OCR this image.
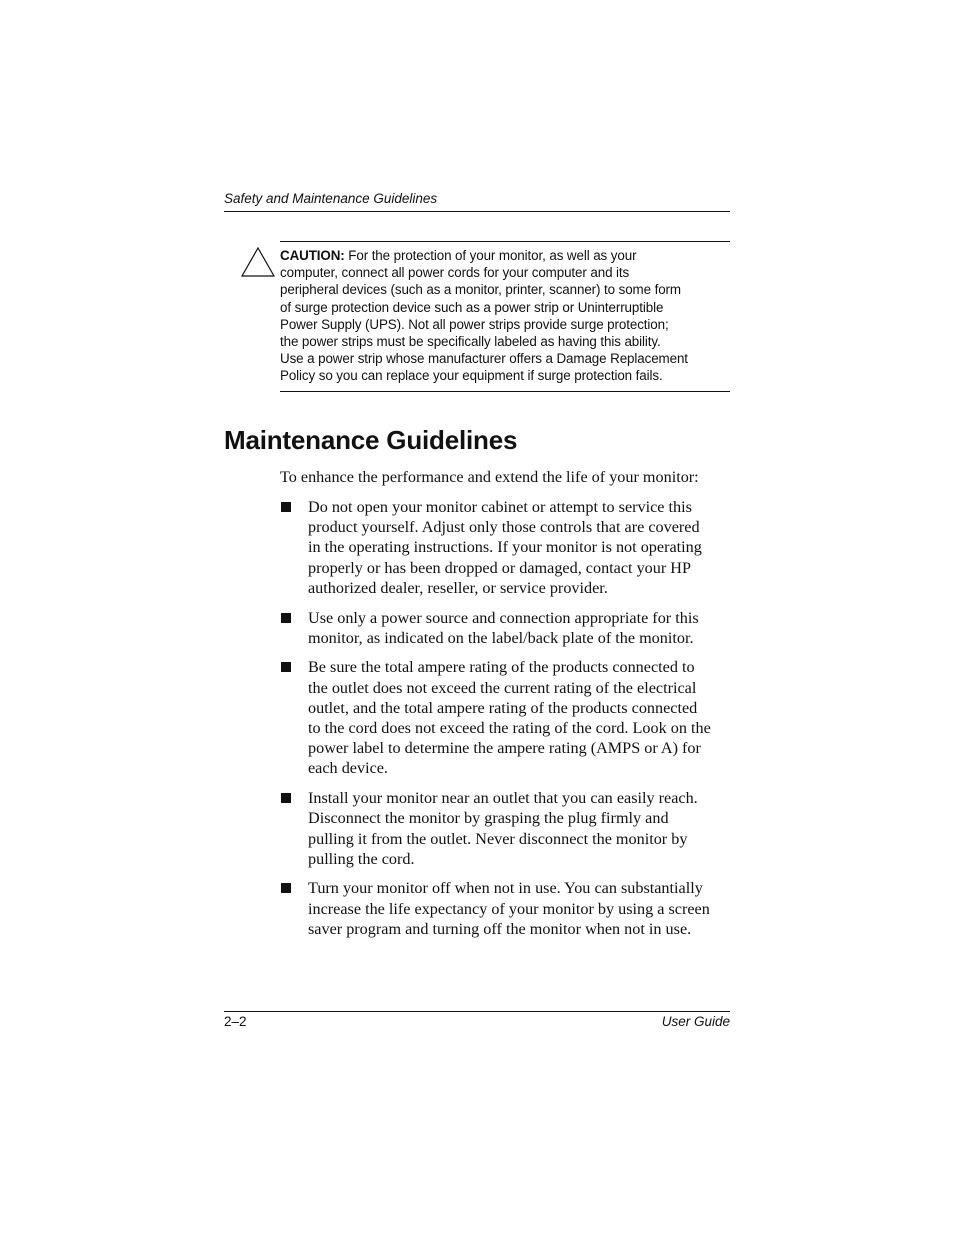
Safety and Maintenance Guidelines
CAUTION: For the protection of your monitor, as well as your
computer, connect all power cords for your computer and its
peripheral devices (such as a monitor, printer, scanner) to some form
of surge protection device such as a power strip or Uninterruptible
Power Supply (UPS). Not all power strips provide surge protection;
the power strips must be specifically labeled as having this ability.
Use a power strip whose manufacturer offers a Damage Replacement
Policy so you can replace your equipment if surge protection fails.
Maintenance Guidelines

To enhance the performance and extend the life of your monitor:

Do not open your monitor cabinet or attempt to service this
product yourself. Adjust only those controls that are covered
in the operating instructions. If your monitor is not operating
properly or has been dropped or damaged, contact your HP
authorized dealer, reseller, or service provider.
Use only a power source and connection appropriate for this
monitor, as indicated on the label/back plate of the monitor.
Be sure the total ampere rating of the products connected to
the outlet does not exceed the current rating of the electrical
outlet, and the total ampere rating of the products connected
to the cord does not exceed the rating of the cord. Look on the
power label to determine the ampere rating (AMPS or A) for
each device.
Install your monitor near an outlet that you can easily reach.
Disconnect the monitor by grasping the plug firmly and
pulling it from the outlet. Never disconnect the monitor by
pulling the cord.
Turn your monitor off when not in use. You can substantially
increase the life expectancy of your monitor by using a screen
saver program and turning off the monitor when not in use.
2–2	User Guide
